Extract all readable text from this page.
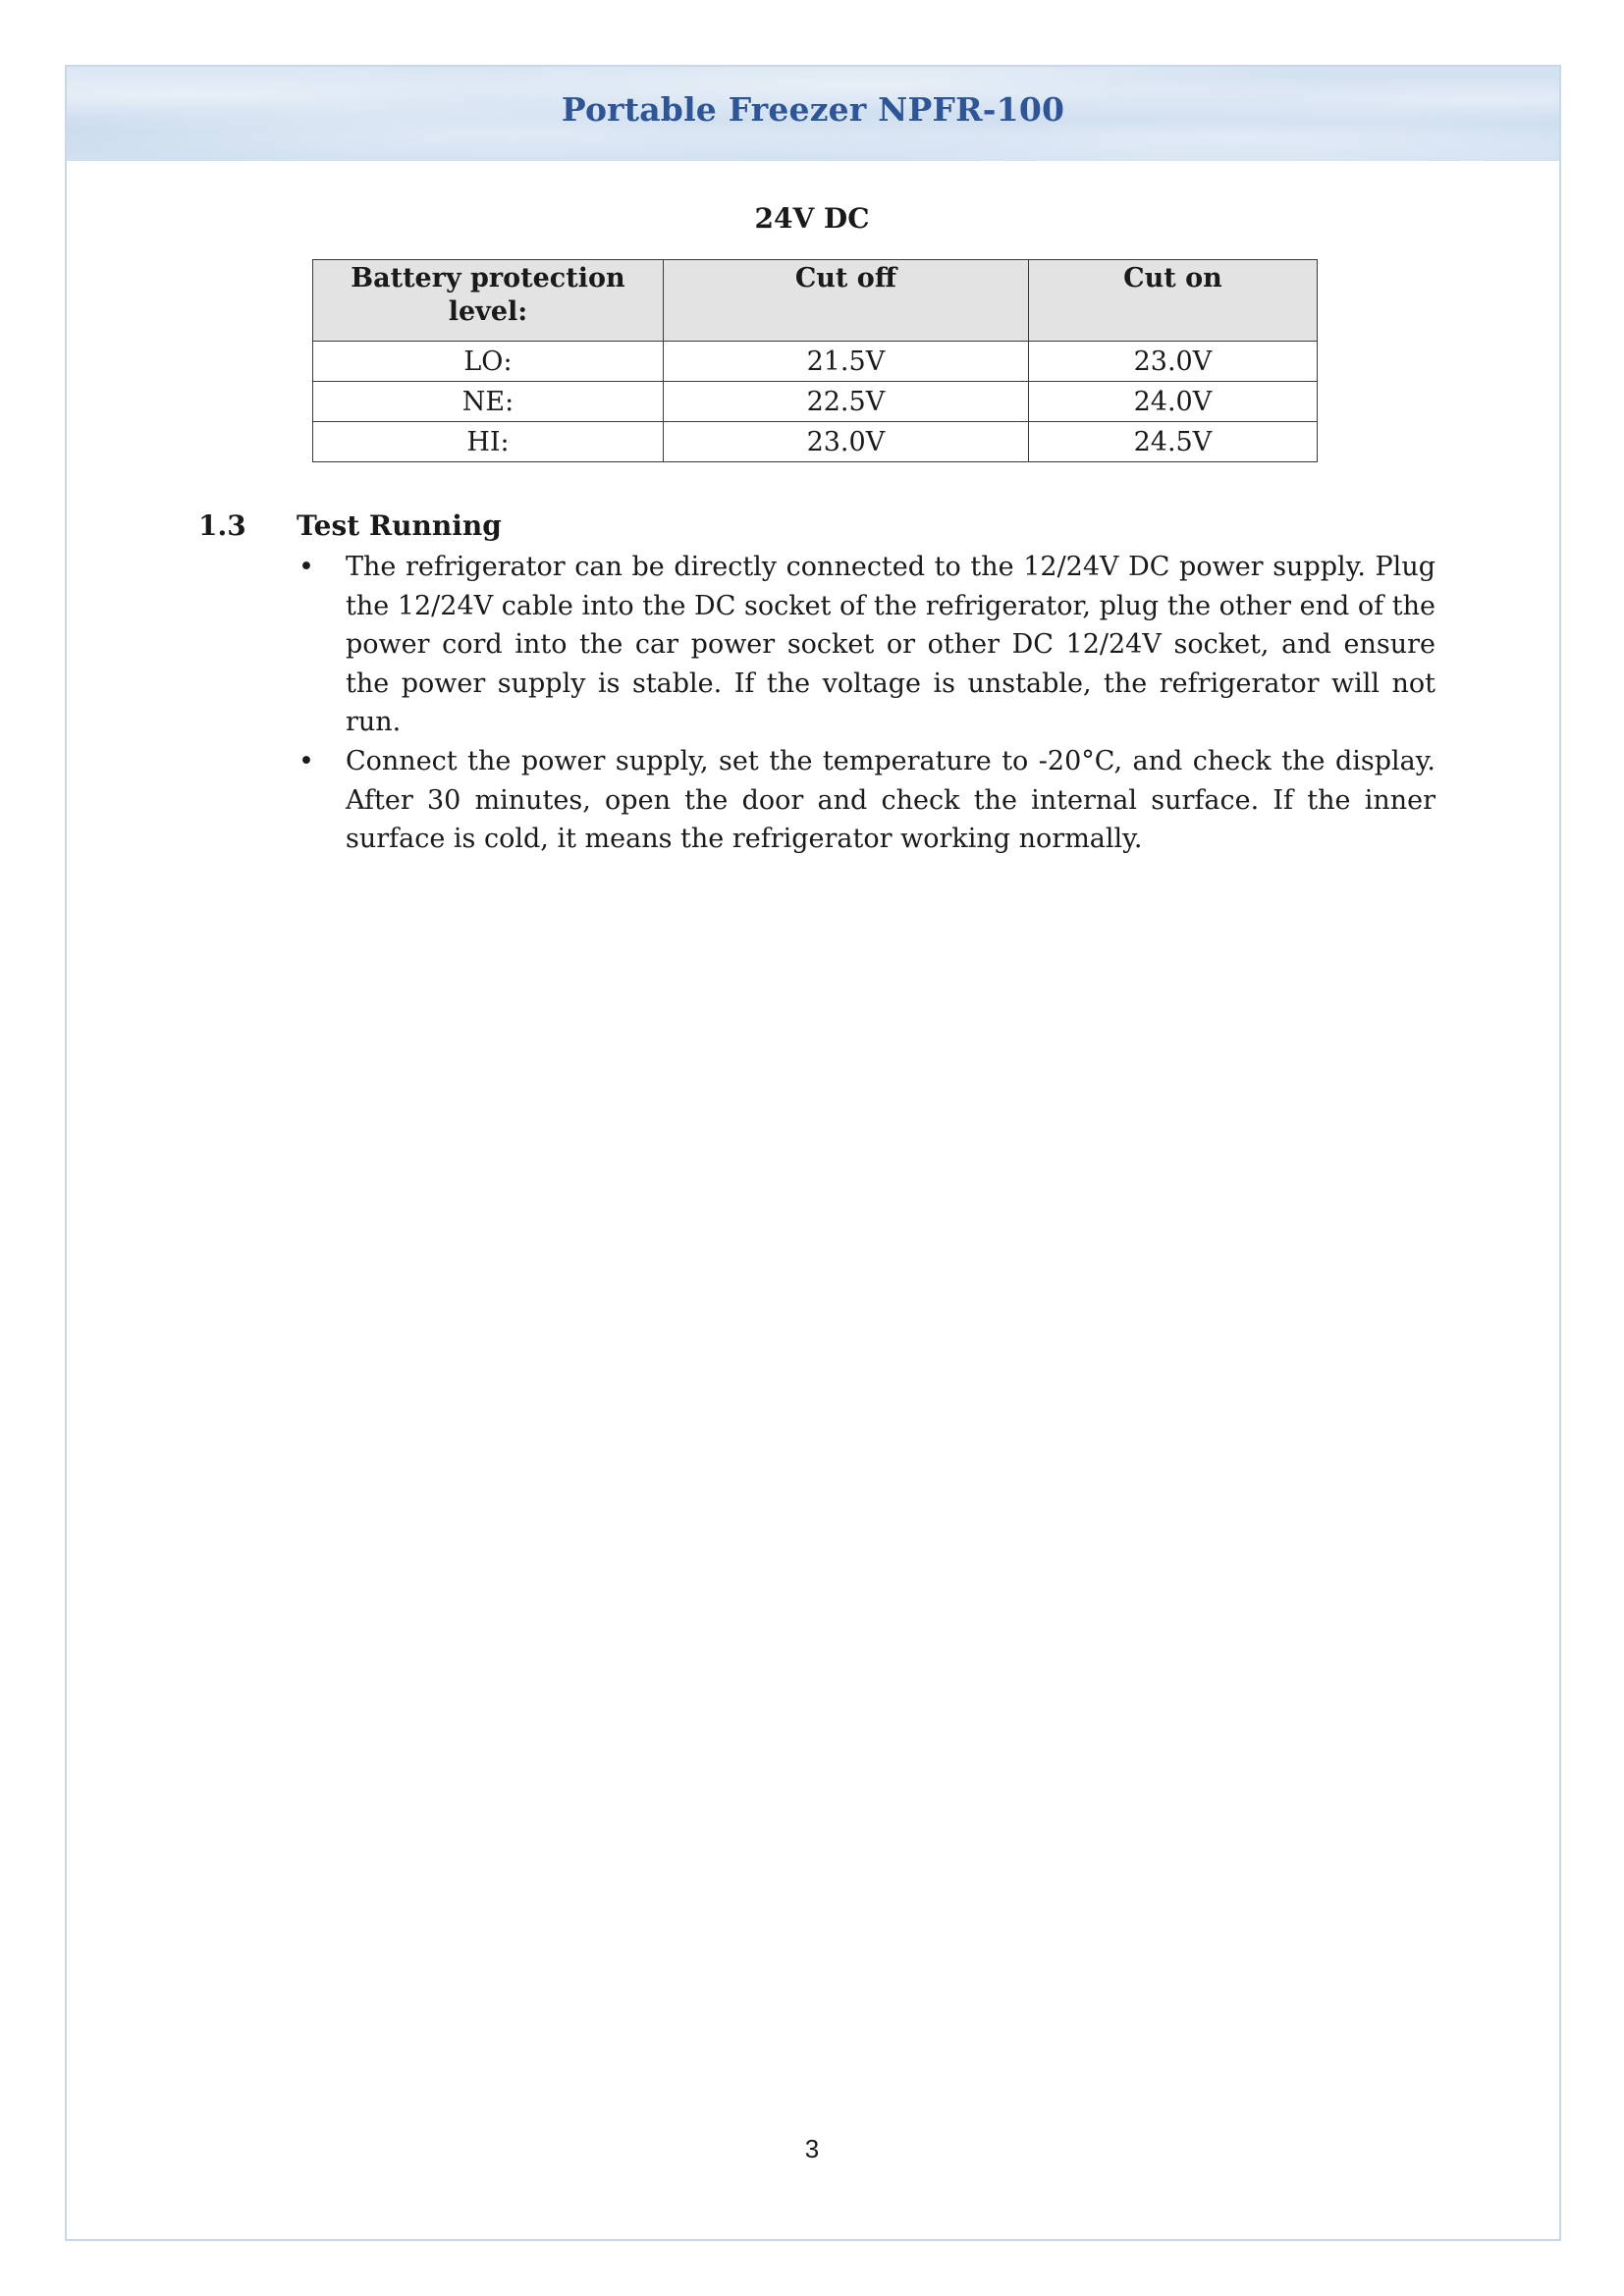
Portable Freezer NPFR-100
24V DC
Battery protection level:	Cut off	Cut on
LO:	21.5V	23.0V
NE:	22.5V	24.0V
HI:	23.0V	24.5V
1.3 Test Running
• The refrigerator can be directly connected to the 12/24V DC power supply. Plug the 12/24V cable into the DC socket of the refrigerator, plug the other end of the power cord into the car power socket or other DC 12/24V socket, and ensure the power supply is stable. If the voltage is unstable, the refrigerator will not run.
• Connect the power supply, set the temperature to -20°C, and check the display. After 30 minutes, open the door and check the internal surface. If the inner surface is cold, it means the refrigerator working normally.
3
